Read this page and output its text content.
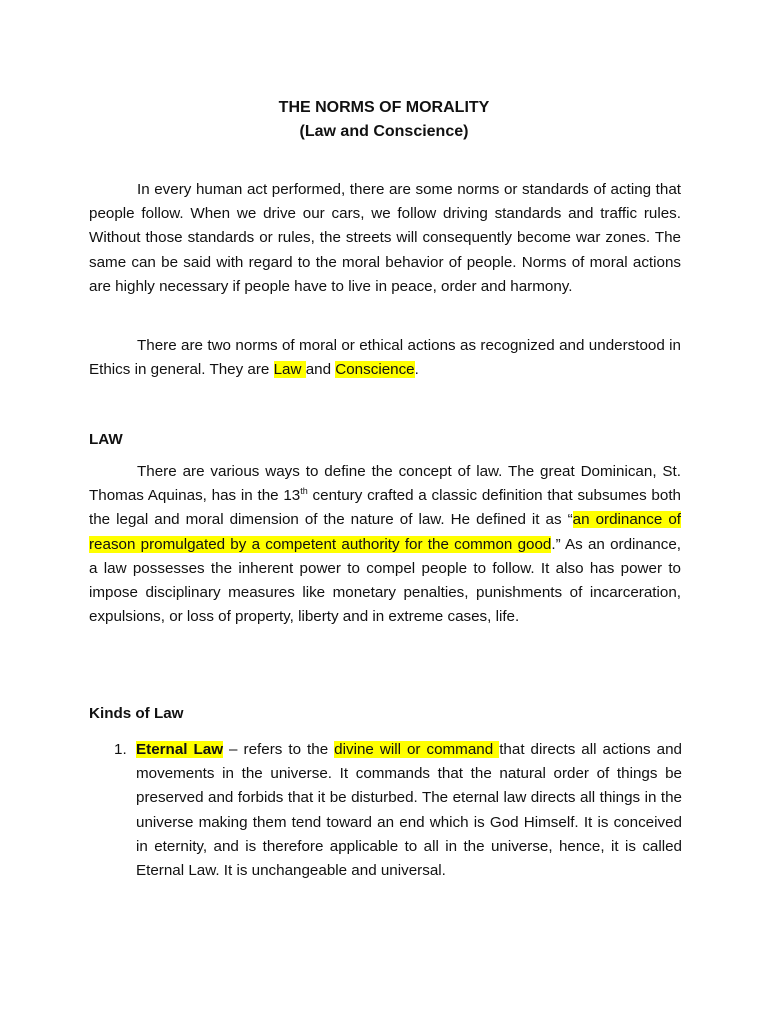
THE NORMS OF MORALITY
(Law and Conscience)

In every human act performed, there are some norms or standards of acting that people follow. When we drive our cars, we follow driving standards and traffic rules. Without those standards or rules, the streets will consequently become war zones. The same can be said with regard to the moral behavior of people. Norms of moral actions are highly necessary if people have to live in peace, order and harmony.

There are two norms of moral or ethical actions as recognized and understood in Ethics in general. They are Law and Conscience.

LAW

There are various ways to define the concept of law. The great Dominican, St. Thomas Aquinas, has in the 13th century crafted a classic definition that subsumes both the legal and moral dimension of the nature of law. He defined it as “an ordinance of reason promulgated by a competent authority for the common good.” As an ordinance, a law possesses the inherent power to compel people to follow. It also has power to impose disciplinary measures like monetary penalties, punishments of incarceration, expulsions, or loss of property, liberty and in extreme cases, life.

Kinds of Law
1. Eternal Law – refers to the divine will or command that directs all actions and movements in the universe. It commands that the natural order of things be preserved and forbids that it be disturbed. The eternal law directs all things in the universe making them tend toward an end which is God Himself. It is conceived in eternity, and is therefore applicable to all in the universe, hence, it is called Eternal Law. It is unchangeable and universal.
